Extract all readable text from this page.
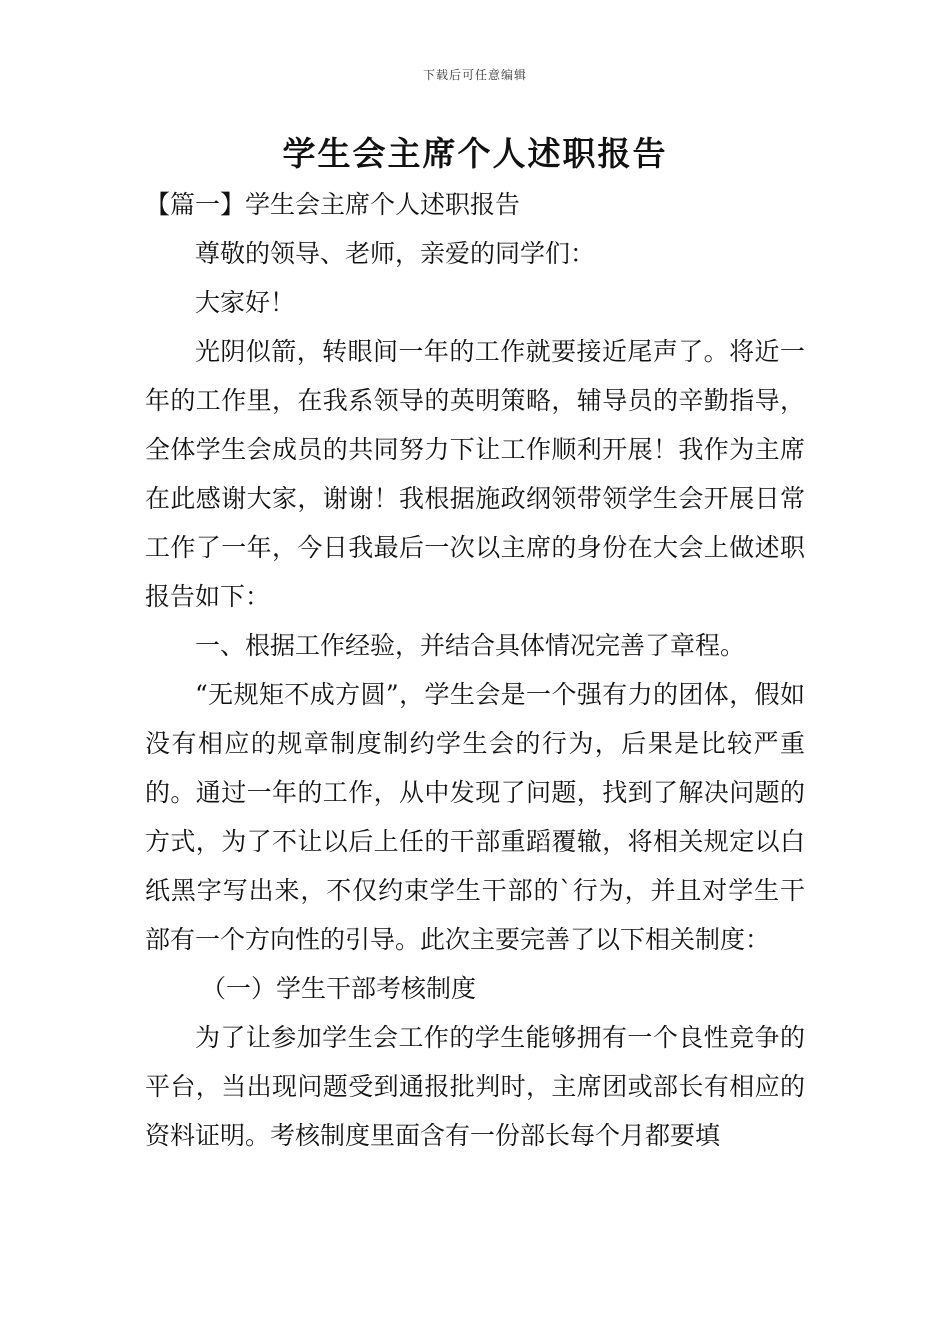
下载后可任意编辑
学生会主席个人述职报告

【篇一】学生会主席个人述职报告

尊敬的领导、老师，亲爱的同学们：

大家好！

光阴似箭，转眼间一年的工作就要接近尾声了。将近一年的工作里，在我系领导的英明策略，辅导员的辛勤指导，全体学生会成员的共同努力下让工作顺利开展！我作为主席在此感谢大家，谢谢！我根据施政纲领带领学生会开展日常工作了一年，今日我最后一次以主席的身份在大会上做述职报告如下：

一、根据工作经验，并结合具体情况完善了章程。

“无规矩不成方圆”，学生会是一个强有力的团体，假如没有相应的规章制度制约学生会的行为，后果是比较严重的。通过一年的工作，从中发现了问题，找到了解决问题的方式，为了不让以后上任的干部重蹈覆辙，将相关规定以白纸黑字写出来，不仅约束学生干部的`行为，并且对学生干部有一个方向性的引导。此次主要完善了以下相关制度：

（一）学生干部考核制度

为了让参加学生会工作的学生能够拥有一个良性竞争的平台，当出现问题受到通报批判时，主席团或部长有相应的资料证明。考核制度里面含有一份部长每个月都要填
